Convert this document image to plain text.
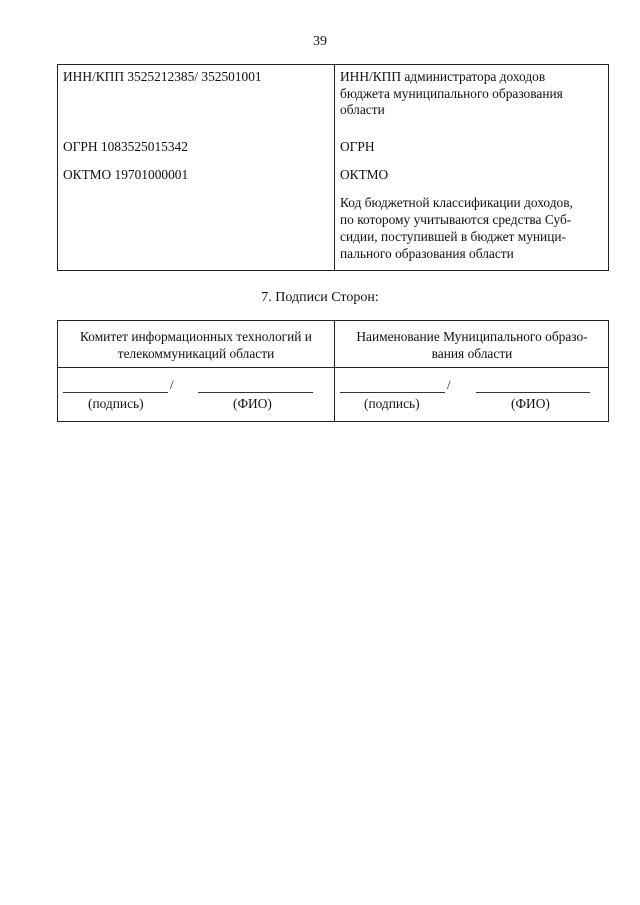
39
ИНН/КПП 3525212385/ 352501001
ОГРН 1083525015342
ОКТМО 19701000001
ИНН/КПП администратора доходов
бюджета муниципального образования
области
ОГРН
ОКТМО
Код бюджетной классификации доходов,
по которому учитываются средства Суб-
сидии, поступившей в бюджет муници-
пального образования области
7. Подписи Сторон:
Комитет информационных технологий и
телекоммуникаций области
Наименование Муниципального образо-
вания области
/
(подпись)	(ФИО)
/
(подпись)	(ФИО)
